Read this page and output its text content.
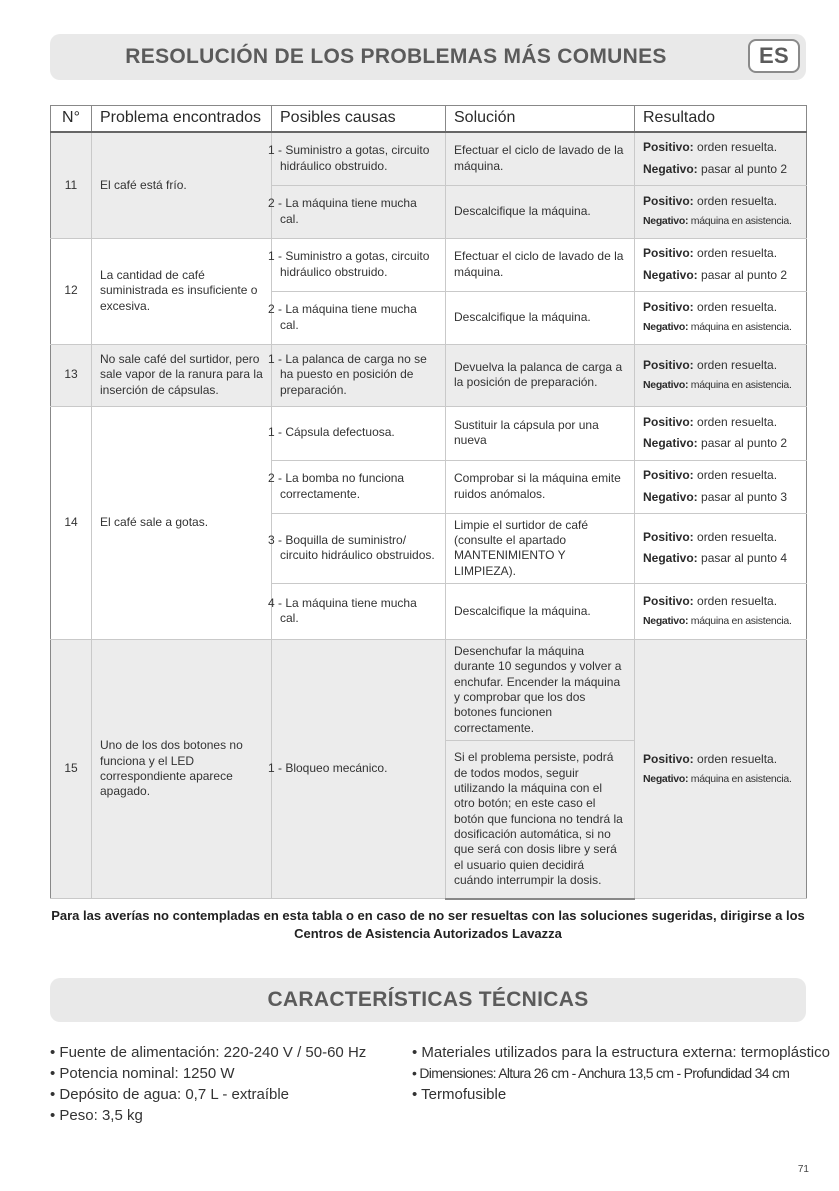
RESOLUCIÓN DE LOS PROBLEMAS MÁS COMUNES	ES
N°	Problema encontrados	Posibles causas	Solución	Resultado
11	El café está frío.	1 - Suministro a gotas, circuito hidráulico obstruido.	Efectuar el ciclo de lavado de la máquina.	Positivo: orden resuelta.
Negativo: pasar al punto 2

		2 - La máquina tiene mucha cal.	Descalcifique la máquina.	Positivo: orden resuelta.
Negativo: máquina en asistencia.

12	La cantidad de café suministrada es insuficiente o excesiva.	1 - Suministro a gotas, circuito hidráulico obstruido.	Efectuar el ciclo de lavado de la máquina.	Positivo: orden resuelta.
Negativo: pasar al punto 2

		2 - La máquina tiene mucha cal.	Descalcifique la máquina.	Positivo: orden resuelta.
Negativo: máquina en asistencia.

13	No sale café del surtidor, pero sale vapor de la ranura para la inserción de cápsulas.	1 - La palanca de carga no se ha puesto en posición de preparación.	Devuelva la palanca de carga a la posición de preparación.	Positivo: orden resuelta.
Negativo: máquina en asistencia.

14	El café sale a gotas.	1 - Cápsula defectuosa.	Sustituir la cápsula por una nueva	Positivo: orden resuelta.
Negativo: pasar al punto 2

		2 - La bomba no funciona correctamente.	Comprobar si la máquina emite ruidos anómalos.	Positivo: orden resuelta.
Negativo: pasar al punto 3

		3 - Boquilla de suministro/ circuito hidráulico obstruidos.	Limpie el surtidor de café (consulte el apartado MANTENIMIENTO Y LIMPIEZA).	Positivo: orden resuelta.
Negativo: pasar al punto 4

		4 - La máquina tiene mucha cal.	Descalcifique la máquina.	Positivo: orden resuelta.
Negativo: máquina en asistencia.

15	Uno de los dos botones no funciona y el LED correspondiente aparece apagado.	1 - Bloqueo mecánico.	Desenchufar la máquina durante 10 segundos y volver a enchufar. Encender la máquina y comprobar que los dos botones funcionen correctamente.	Positivo: orden resuelta.
Negativo: máquina en asistencia.

			Si el problema persiste, podrá de todos modos, seguir utilizando la máquina con el otro botón; en este caso el botón que funciona no tendrá la dosificación automática, si no que será con dosis libre y será el usuario quien decidirá cuándo interrumpir la dosis.	
Para las averías no contempladas en esta tabla o en caso de no ser resueltas con las soluciones sugeridas, dirigirse a los Centros de Asistencia Autorizados Lavazza
CARACTERÍSTICAS TÉCNICAS
• Fuente de alimentación: 220-240 V / 50-60 Hz
• Potencia nominal: 1250 W
• Depósito de agua: 0,7 L - extraíble
• Peso: 3,5 kg
• Materiales utilizados para la estructura externa: termoplástico
• Dimensiones: Altura 26 cm - Anchura 13,5 cm - Profundidad 34 cm
• Termofusible
71
